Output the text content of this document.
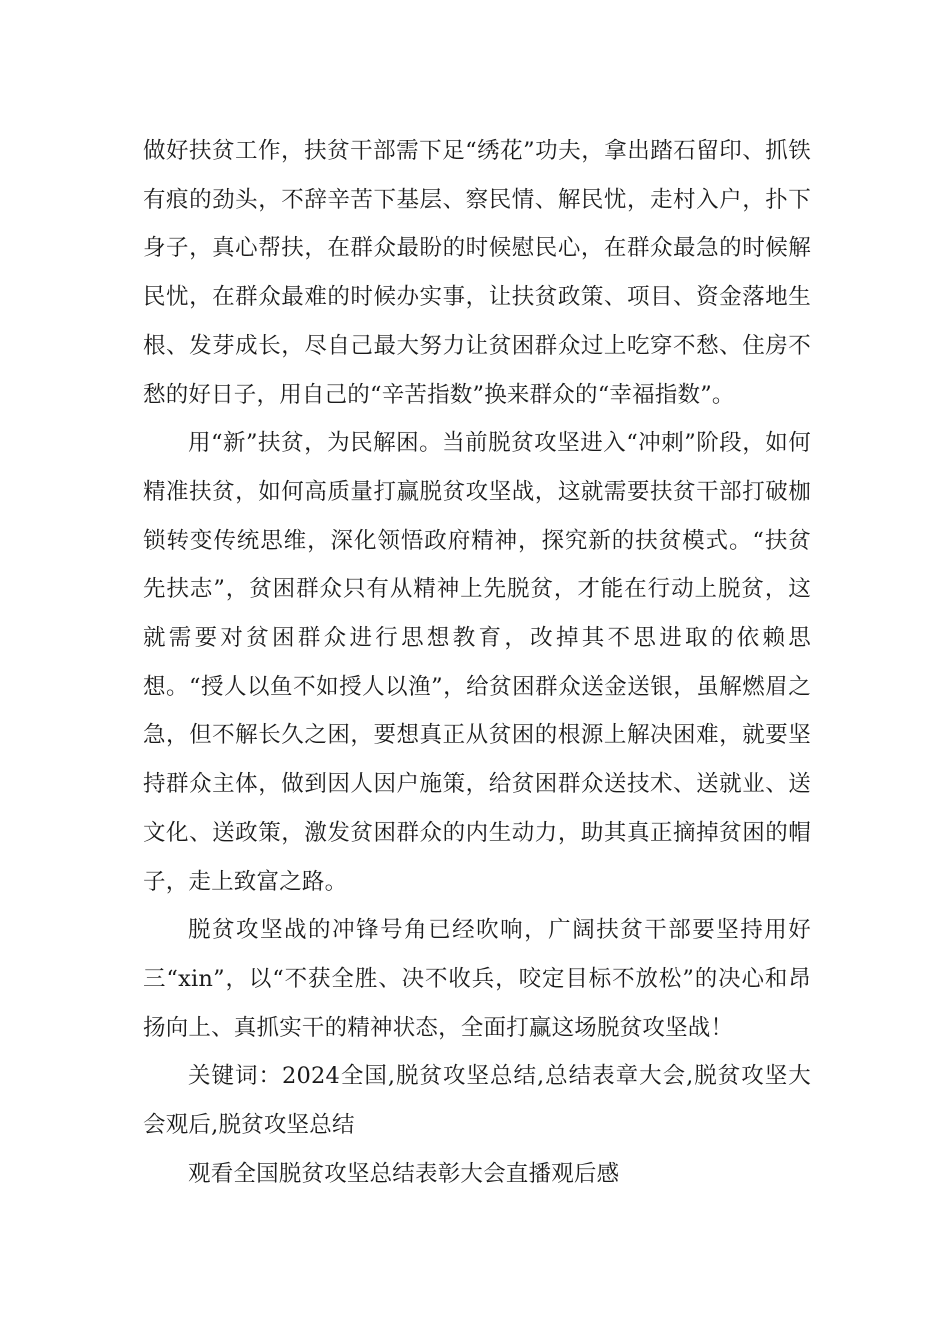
做好扶贫工作，扶贫干部需下足“绣花”功夫，拿出踏石留印、抓铁有痕的劲头，不辞辛苦下基层、察民情、解民忧，走村入户，扑下身子，真心帮扶，在群众最盼的时候慰民心，在群众最急的时候解民忧，在群众最难的时候办实事，让扶贫政策、项目、资金落地生根、发芽成长，尽自己最大努力让贫困群众过上吃穿不愁、住房不愁的好日子，用自己的“辛苦指数”换来群众的“幸福指数”。

用“新”扶贫，为民解困。当前脱贫攻坚进入“冲刺”阶段，如何精准扶贫，如何高质量打赢脱贫攻坚战，这就需要扶贫干部打破枷锁转变传统思维，深化领悟政府精神，探究新的扶贫模式。“扶贫先扶志”，贫困群众只有从精神上先脱贫，才能在行动上脱贫，这就需要对贫困群众进行思想教育，改掉其不思进取的依赖思想。“授人以鱼不如授人以渔”，给贫困群众送金送银，虽解燃眉之急，但不解长久之困，要想真正从贫困的根源上解决困难，就要坚持群众主体，做到因人因户施策，给贫困群众送技术、送就业、送文化、送政策，激发贫困群众的内生动力，助其真正摘掉贫困的帽子，走上致富之路。

脱贫攻坚战的冲锋号角已经吹响，广阔扶贫干部要坚持用好三“xin”，以“不获全胜、决不收兵，咬定目标不放松”的决心和昂扬向上、真抓实干的精神状态，全面打赢这场脱贫攻坚战！

关键词：2024全国,脱贫攻坚总结,总结表章大会,脱贫攻坚大会观后,脱贫攻坚总结

观看全国脱贫攻坚总结表彰大会直播观后感
